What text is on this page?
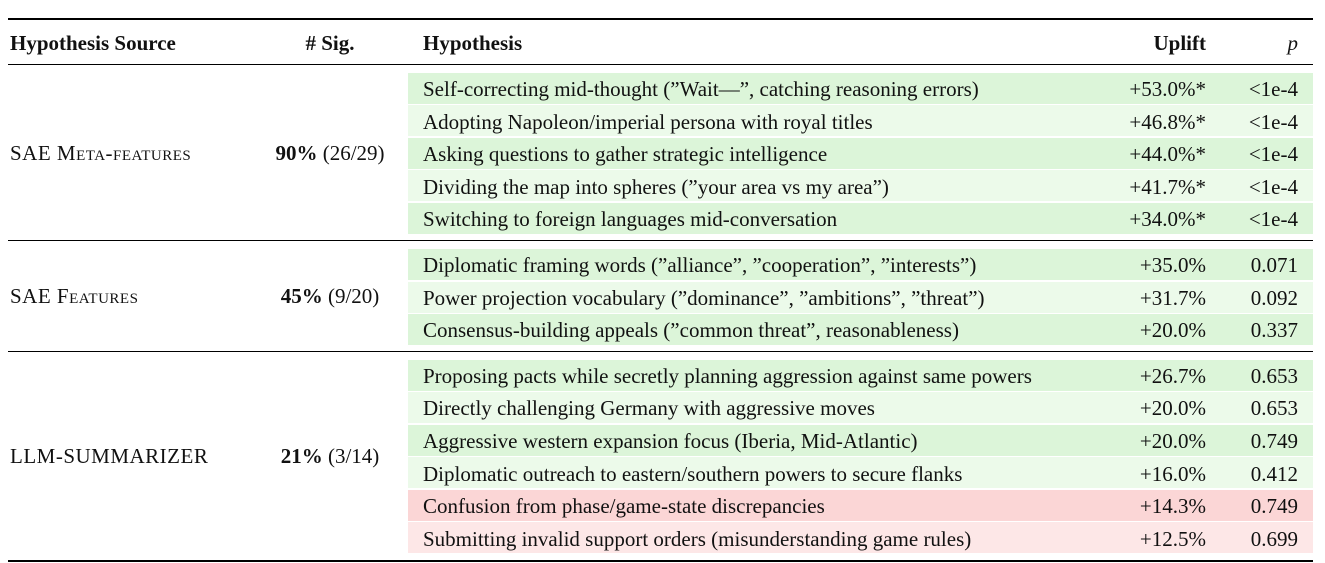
Hypothesis Source	# Sig.	Hypothesis	Uplift	p
SAE Meta-features	90% (26/29)
Self-correcting mid-thought (”Wait—”, catching reasoning errors)	+53.0%*	<1e-4
Adopting Napoleon/imperial persona with royal titles	+46.8%*	<1e-4
Asking questions to gather strategic intelligence	+44.0%*	<1e-4
Dividing the map into spheres (”your area vs my area”)	+41.7%*	<1e-4
Switching to foreign languages mid-conversation	+34.0%*	<1e-4
SAE Features	45% (9/20)
Diplomatic framing words (”alliance”, ”cooperation”, ”interests”)	+35.0%	0.071
Power projection vocabulary (”dominance”, ”ambitions”, ”threat”)	+31.7%	0.092
Consensus-building appeals (”common threat”, reasonableness)	+20.0%	0.337
LLM-SUMMARIZER	21% (3/14)
Proposing pacts while secretly planning aggression against same powers	+26.7%	0.653
Directly challenging Germany with aggressive moves	+20.0%	0.653
Aggressive western expansion focus (Iberia, Mid-Atlantic)	+20.0%	0.749
Diplomatic outreach to eastern/southern powers to secure flanks	+16.0%	0.412
Confusion from phase/game-state discrepancies	+14.3%	0.749
Submitting invalid support orders (misunderstanding game rules)	+12.5%	0.699
